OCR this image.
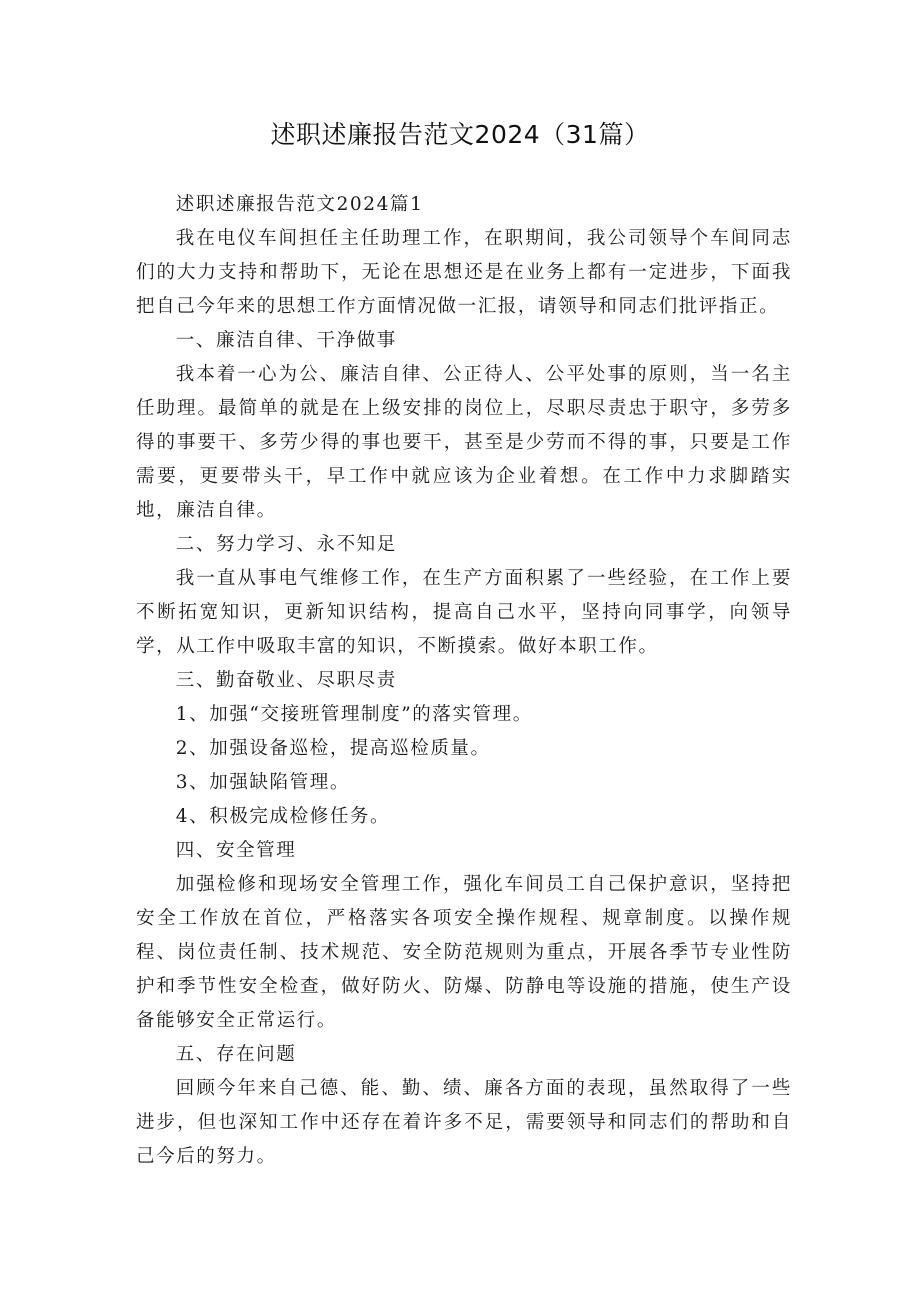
述职述廉报告范文2024（31篇）

述职述廉报告范文2024篇1

我在电仪车间担任主任助理工作，在职期间，我公司领导个车间同志们的大力支持和帮助下，无论在思想还是在业务上都有一定进步，下面我把自己今年来的思想工作方面情况做一汇报，请领导和同志们批评指正。

一、廉洁自律、干净做事

我本着一心为公、廉洁自律、公正待人、公平处事的原则，当一名主任助理。最简单的就是在上级安排的岗位上，尽职尽责忠于职守，多劳多得的事要干、多劳少得的事也要干，甚至是少劳而不得的事，只要是工作需要，更要带头干，早工作中就应该为企业着想。在工作中力求脚踏实地，廉洁自律。

二、努力学习、永不知足

我一直从事电气维修工作，在生产方面积累了一些经验，在工作上要不断拓宽知识，更新知识结构，提高自己水平，坚持向同事学，向领导学，从工作中吸取丰富的知识，不断摸索。做好本职工作。

三、勤奋敬业、尽职尽责

1、加强“交接班管理制度”的落实管理。

2、加强设备巡检，提高巡检质量。

3、加强缺陷管理。

4、积极完成检修任务。

四、安全管理

加强检修和现场安全管理工作，强化车间员工自己保护意识，坚持把安全工作放在首位，严格落实各项安全操作规程、规章制度。以操作规程、岗位责任制、技术规范、安全防范规则为重点，开展各季节专业性防护和季节性安全检查，做好防火、防爆、防静电等设施的措施，使生产设备能够安全正常运行。

五、存在问题

回顾今年来自己德、能、勤、绩、廉各方面的表现，虽然取得了一些进步，但也深知工作中还存在着许多不足，需要领导和同志们的帮助和自己今后的努力。
